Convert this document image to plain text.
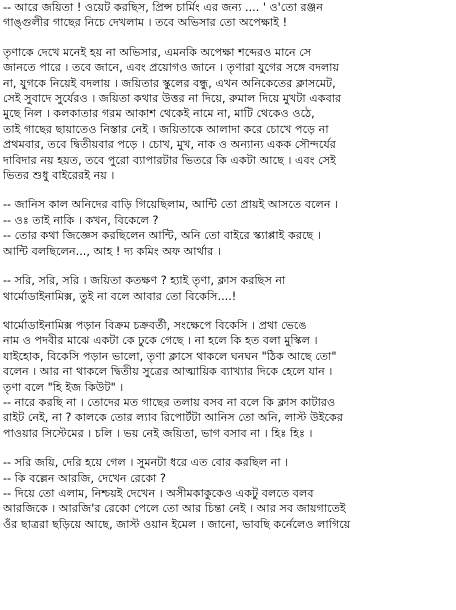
-- আরে জয়িতা ! ওয়েট করছিস, প্রিন্স চার্মিং এর জন্য .... ' ও'তো রঞ্জন
গাঙ্গুলীর গাছের নিচে দেখলাম । তবে অভিসার তো অপেক্ষাই !
তৃণাকে দেখে মনেই হয় না অভিসার, এমনকি অপেক্ষা শব্দেরও মানে সে
জানতে পারে । তবে জানে, এবং প্রয়োগও জানে । তৃণারা যুগের সঙ্গে বদলায়
না, যুগকে নিয়েই বদলায় । জয়িতার স্কুলের বন্ধু, এখন অনিকেতের ক্লাসমেট,
সেই সুবাদে সুর্যেরও । জয়িতা কথার উত্তর না দিয়ে, রুমাল দিয়ে মুখটা একবার
মুছে নিল । কলকাতার গরম আকাশ থেকেই নামে না, মাটি থেকেও ওঠে,
তাই গাছের ছায়াতেও নিস্তার নেই । জয়িতাকে আলাদা করে চোখে পড়ে না
প্রথমবার, তবে দ্বিতীয়বার পড়ে । চোখ, মুখ, নাক ও অন্যান্য একক সৌন্দর্যের
দাবিদার নয় হয়ত, তবে পুরো ব্যাপারটার ভিতরে কি একটা আছে । এবং সেই
ভিতর শুধু বাইরেরই নয় ।
-- জানিস কাল অনিদের বাড়ি গিয়েছিলাম, আন্টি তো প্রায়ই আসতে বলেন ।
-- ওঃ তাই নাকি । কখন, বিকেলে ?
-- তোর কথা জিজ্ঞেস করছিলেন আন্টি, অনি তো বাইরে স্ক্যাপ্পাই করছে ।
আন্টি বলছিলেন..., আহ ! দ্য কমিং অফ আর্থার ।
-- সরি, সরি, সরি । জয়িতা কতক্ষণ ? হ্যাই তৃণা, ক্লাস করছিস না
থার্মোডাইনামিক্স, তুই না বলে আবার তো বিকেসি....!
থার্মোডাইনামিক্স পড়ান বিক্রম চক্রবর্তী, সংক্ষেপে বিকেসি । প্রথা ভেঙে
নাম ও পদবীর মাঝে একটা কে ঢুকে গেছে । না হলে কি হত বলা মুস্কিল ।
যাইহোক, বিকেসি পড়ান ভালো, তৃণা ক্লাসে থাকলে ঘনঘন "ঠিক আছে তো"
বলেন । আর না থাকলে দ্বিতীয় সুত্রের আত্মায়িক ব্যাখ্যার দিকে হেলে যান ।
তৃণা বলে "হি ইজ কিউট" ।
-- নারে করছি না । তোদের মত গাছের তলায় বসব না বলে কি ক্লাস কাটারও
রাইট নেই, না ? কালকে তোর ল্যাব রিপোর্টটা আনিস তো অনি, লাস্ট উইকের
পাওয়ার সিস্টেমের । চলি । ভয় নেই জয়িতা, ভাগ বসাব না । হিঃ হিঃ ।
-- সরি জয়ি, দেরি হয়ে গেল । সুমনটা ধরে এত বোর করছিল না ।
-- কি বল্লেন আরজি, দেখেন রেকো ?
-- দিয়ে তো এলাম, নিশ্চয়ই দেখেন । অসীমকাকুকেও একটু বলতে বলব
আরজিকে । আরজি'র রেকো পেলে তো আর চিন্তা নেই । আর সব জায়গাতেই
ওঁর ছাত্ররা ছড়িয়ে আছে, জাস্ট ওয়ান ইমেল । জানো, ভাবছি কর্নেলেও লাগিয়ে
